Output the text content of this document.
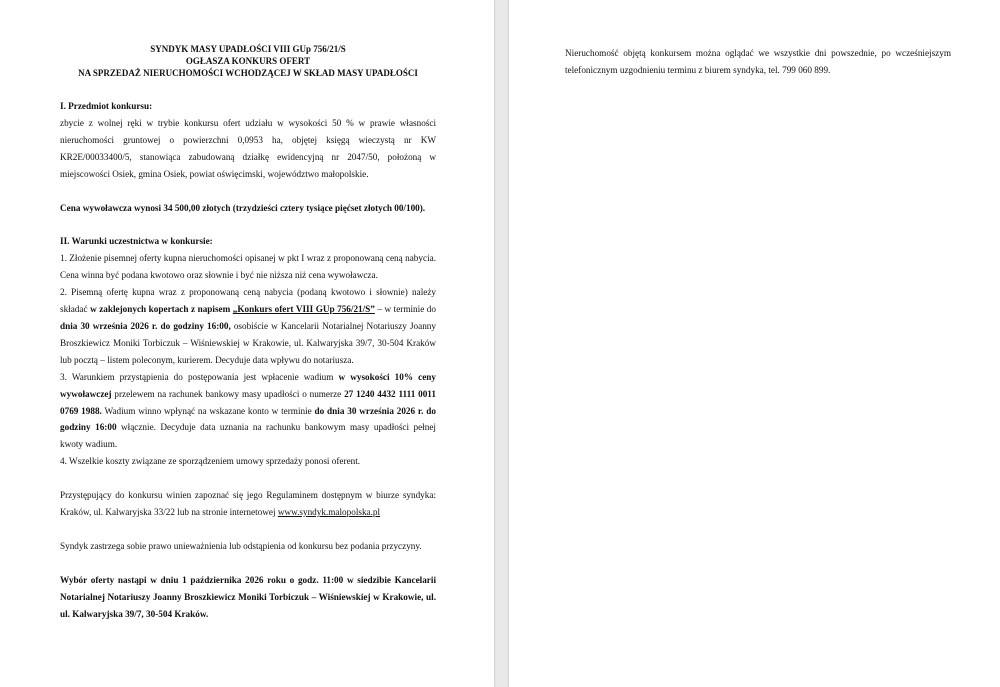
SYNDYK MASY UPADŁOŚCI VIII GUp 756/21/S
OGŁASZA KONKURS OFERT
NA SPRZEDAŻ NIERUCHOMOŚCI WCHODZĄCEJ W SKŁAD MASY UPADŁOŚCI

I. Przedmiot konkursu:

zbycie z wolnej ręki w trybie konkursu ofert udziału w wysokości 50 % w prawie własności nieruchomości gruntowej o powierzchni 0,0953 ha, objętej księgą wieczystą nr KW KR2E/00033400/5, stanowiąca zabudowaną działkę ewidencyjną nr 2047/50, położoną w miejscowości Osiek, gmina Osiek, powiat oświęcimski, województwo małopolskie.

Cena wywoławcza wynosi 34 500,00 złotych (trzydzieści cztery tysiące pięćset złotych 00/100).

II. Warunki uczestnictwa w konkursie:

1. Złożenie pisemnej oferty kupna nieruchomości opisanej w pkt I wraz z proponowaną ceną nabycia. Cena winna być podana kwotowo oraz słownie i być nie niższa niż cena wywoławcza.

2. Pisemną ofertę kupna wraz z proponowaną ceną nabycia (podaną kwotowo i słownie) należy składać w zaklejonych kopertach z napisem „Konkurs ofert VIII GUp 756/21/S” – w terminie do dnia 30 września 2026 r. do godziny 16:00, osobiście w Kancelarii Notarialnej Notariuszy Joanny Broszkiewicz Moniki Torbiczuk – Wiśniewskiej w Krakowie, ul. Kalwaryjska 39/7, 30-504 Kraków lub pocztą – listem poleconym, kurierem. Decyduje data wpływu do notariusza.

3. Warunkiem przystąpienia do postępowania jest wpłacenie wadium w wysokości 10% ceny wywoławczej przelewem na rachunek bankowy masy upadłości o numerze 27 1240 4432 1111 0011 0769 1988. Wadium winno wpłynąć na wskazane konto w terminie do dnia 30 września 2026 r. do godziny 16:00 włącznie. Decyduje data uznania na rachunku bankowym masy upadłości pełnej kwoty wadium.

4. Wszelkie koszty związane ze sporządzeniem umowy sprzedaży ponosi oferent.

Przystępujący do konkursu winien zapoznać się jego Regulaminem dostępnym w biurze syndyka: Kraków, ul. Kalwaryjska 33/22 lub na stronie internetowej www.syndyk.malopolska.pl

Syndyk zastrzega sobie prawo unieważnienia lub odstąpienia od konkursu bez podania przyczyny.

Wybór oferty nastąpi w dniu 1 października 2026 roku o godz. 11:00 w siedzibie Kancelarii Notarialnej Notariuszy Joanny Broszkiewicz Moniki Torbiczuk – Wiśniewskiej w Krakowie, ul. ul. Kalwaryjska 39/7, 30-504 Kraków.

Nieruchomość objętą konkursem można oglądać we wszystkie dni powszednie, po wcześniejszym telefonicznym uzgodnieniu terminu z biurem syndyka, tel. 799 060 899.
